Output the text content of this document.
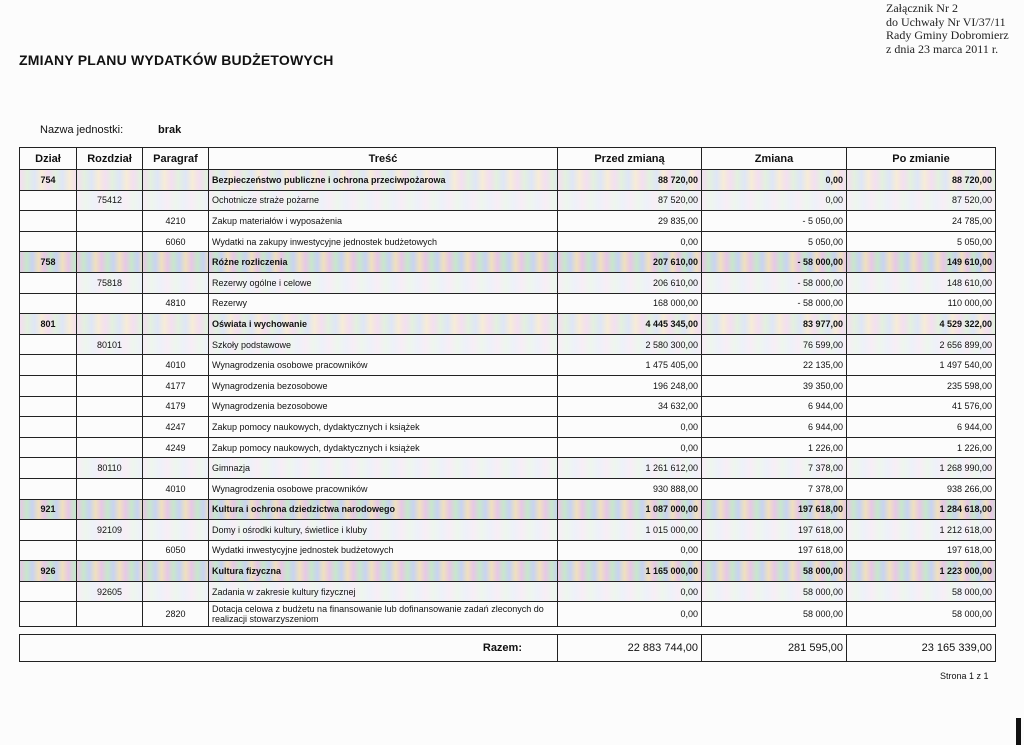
Załącznik Nr 2
do Uchwały Nr VI/37/11
Rady Gminy Dobromierz
z dnia 23 marca 2011 r.
ZMIANY PLANU WYDATKÓW BUDŻETOWYCH
Nazwa jednostki:	brak
Dział	Rozdział	Paragraf	Treść	Przed zmianą	Zmiana	Po zmianie
754			Bezpieczeństwo publiczne i ochrona przeciwpożarowa	88 720,00	0,00	88 720,00
	75412		Ochotnicze straże pożarne	87 520,00	0,00	87 520,00
		4210	Zakup materiałów i wyposażenia	29 835,00	- 5 050,00	24 785,00
		6060	Wydatki na zakupy inwestycyjne jednostek budżetowych	0,00	5 050,00	5 050,00
758			Różne rozliczenia	207 610,00	- 58 000,00	149 610,00
	75818		Rezerwy ogólne i celowe	206 610,00	- 58 000,00	148 610,00
		4810	Rezerwy	168 000,00	- 58 000,00	110 000,00
801			Oświata i wychowanie	4 445 345,00	83 977,00	4 529 322,00
	80101		Szkoły podstawowe	2 580 300,00	76 599,00	2 656 899,00
		4010	Wynagrodzenia osobowe pracowników	1 475 405,00	22 135,00	1 497 540,00
		4177	Wynagrodzenia bezosobowe	196 248,00	39 350,00	235 598,00
		4179	Wynagrodzenia bezosobowe	34 632,00	6 944,00	41 576,00
		4247	Zakup pomocy naukowych, dydaktycznych i książek	0,00	6 944,00	6 944,00
		4249	Zakup pomocy naukowych, dydaktycznych i książek	0,00	1 226,00	1 226,00
	80110		Gimnazja	1 261 612,00	7 378,00	1 268 990,00
		4010	Wynagrodzenia osobowe pracowników	930 888,00	7 378,00	938 266,00
921			Kultura i ochrona dziedzictwa narodowego	1 087 000,00	197 618,00	1 284 618,00
	92109		Domy i ośrodki kultury, świetlice i kluby	1 015 000,00	197 618,00	1 212 618,00
		6050	Wydatki inwestycyjne jednostek budżetowych	0,00	197 618,00	197 618,00
926			Kultura fizyczna	1 165 000,00	58 000,00	1 223 000,00
	92605		Zadania w zakresie kultury fizycznej	0,00	58 000,00	58 000,00
		2820	Dotacja celowa z budżetu na finansowanie lub dofinansowanie zadań zleconych do realizacji stowarzyszeniom	0,00	58 000,00	58 000,00
Razem:	22 883 744,00	281 595,00	23 165 339,00
Strona 1 z 1
